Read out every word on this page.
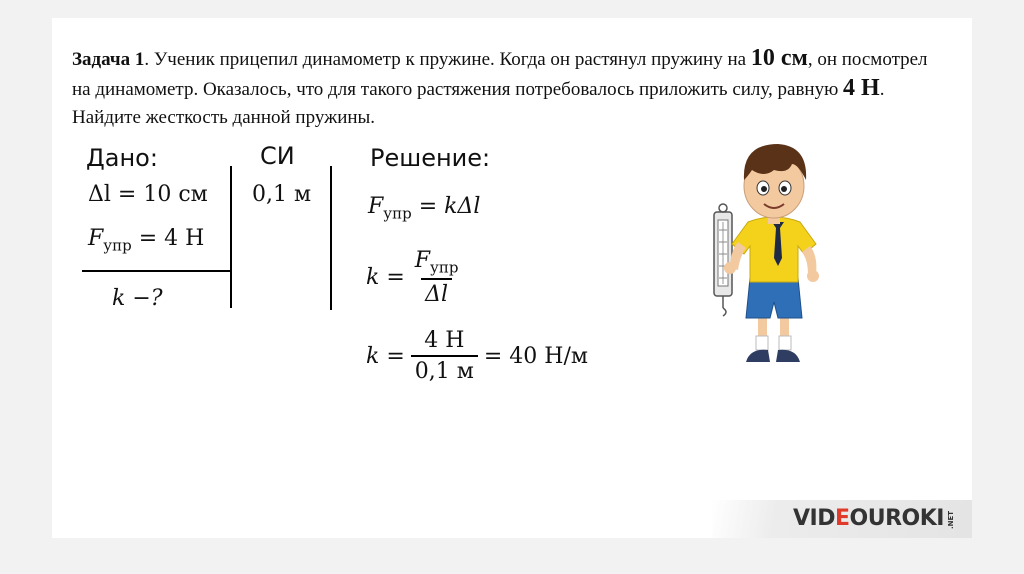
Задача 1. Ученик прицепил динамометр к пружине. Когда он растянул пружину на 10 см, он посмотрел на динамометр. Оказалось, что для такого растяжения потребовалось приложить силу, равную 4 Н. Найдите жесткость данной пружины.

Дано:
Δl = 10 см
$F_{упр} = 4$ Н
k −?
СИ
0,1 м
Решение:
$F_{упр} = k\Delta l$
$k = \frac{F_{упр}}{\Delta l}$
$k = \frac{4 Н}{0,1 м} = 40$ Н/м
VIDEOUROKI .NET
